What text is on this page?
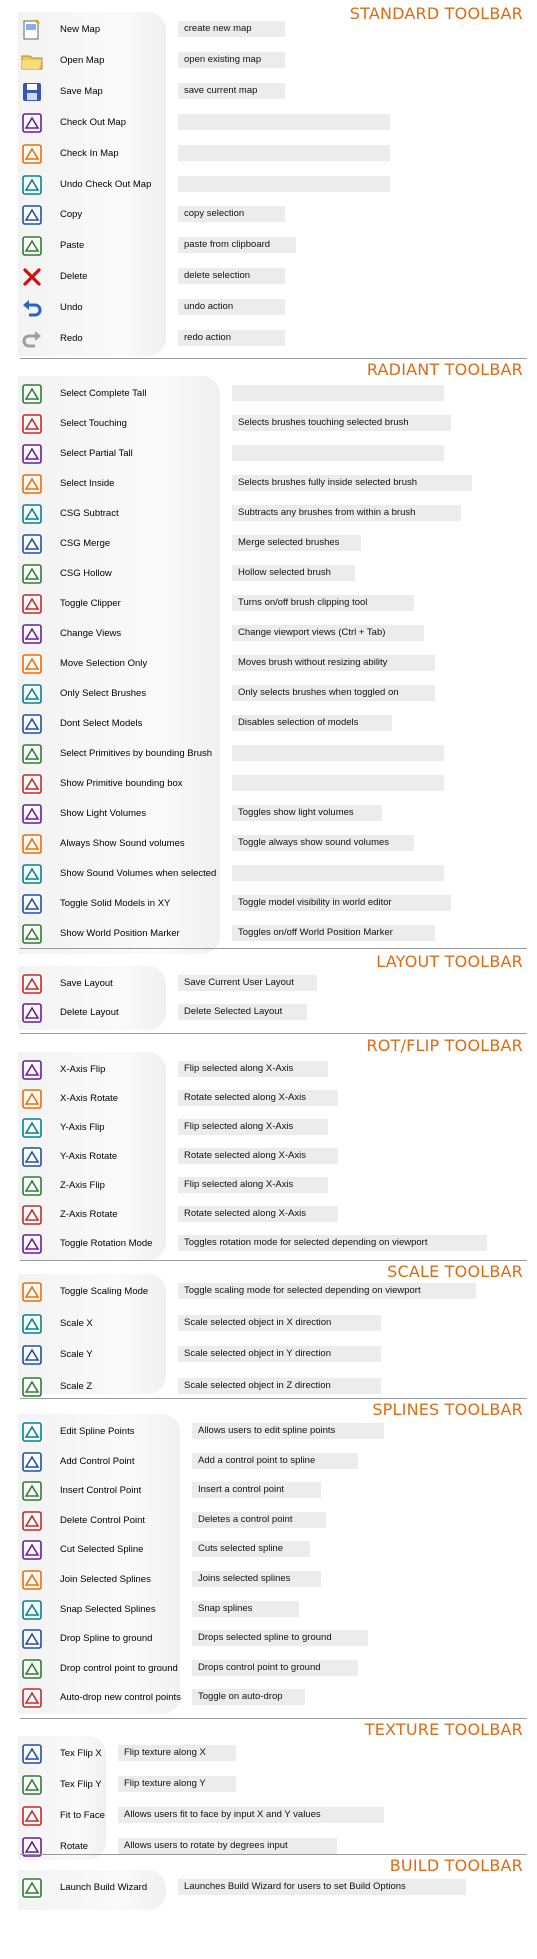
STANDARD TOOLBAR
New Map	create new map
Open Map	open existing map
Save Map	save current map
Check Out Map
Check In Map
Undo Check Out Map
Copy	copy selection
Paste	paste from clipboard
Delete	delete selection
Undo	undo action
Redo	redo action
RADIANT TOOLBAR
Select Complete Tall
Select Touching	Selects brushes touching selected brush
Select Partial Tall
Select Inside	Selects brushes fully inside selected brush
CSG Subtract	Subtracts any brushes from within a brush
CSG Merge	Merge selected brushes
CSG Hollow	Hollow selected brush
Toggle Clipper	Turns on/off brush clipping tool
Change Views	Change viewport views (Ctrl + Tab)
Move Selection Only	Moves brush without resizing ability
Only Select Brushes	Only selects brushes when toggled on
Dont Select Models	Disables selection of models
Select Primitives by bounding Brush
Show Primitive bounding box
Show Light Volumes	Toggles show light volumes
Always Show Sound volumes	Toggle always show sound volumes
Show Sound Volumes when selected
Toggle Solid Models in XY	Toggle model visibility in world editor
Show World Position Marker	Toggles on/off World Position Marker
LAYOUT TOOLBAR
Save Layout	Save Current User Layout
Delete Layout	Delete Selected Layout
ROT/FLIP TOOLBAR
X-Axis Flip	Flip selected along X-Axis
X-Axis Rotate	Rotate selected along X-Axis
Y-Axis Flip	Flip selected along X-Axis
Y-Axis Rotate	Rotate selected along X-Axis
Z-Axis Flip	Flip selected along X-Axis
Z-Axis Rotate	Rotate selected along X-Axis
Toggle Rotation Mode	Toggles rotation mode for selected depending on viewport
SCALE TOOLBAR
Toggle Scaling Mode	Toggle scaling mode for selected depending on viewport
Scale X	Scale selected object in X direction
Scale Y	Scale selected object in Y direction
Scale Z	Scale selected object in Z direction
SPLINES TOOLBAR
Edit Spline Points	Allows users to edit spline points
Add Control Point	Add a control point to spline
Insert Control Point	Insert a control point
Delete Control Point	Deletes a control point
Cut Selected Spline	Cuts selected spline
Join Selected Splines	Joins selected splines
Snap Selected Splines	Snap splines
Drop Spline to ground	Drops selected spline to ground
Drop control point to ground	Drops control point to ground
Auto-drop new control points	Toggle on auto-drop
TEXTURE TOOLBAR
Tex Flip X	Flip texture along X
Tex Flip Y	Flip texture along Y
Fit to Face	Allows users fit to face by input X and Y values
Rotate	Allows users to rotate by degrees input
BUILD TOOLBAR
Launch Build Wizard	Launches Build Wizard for users to set Build Options
